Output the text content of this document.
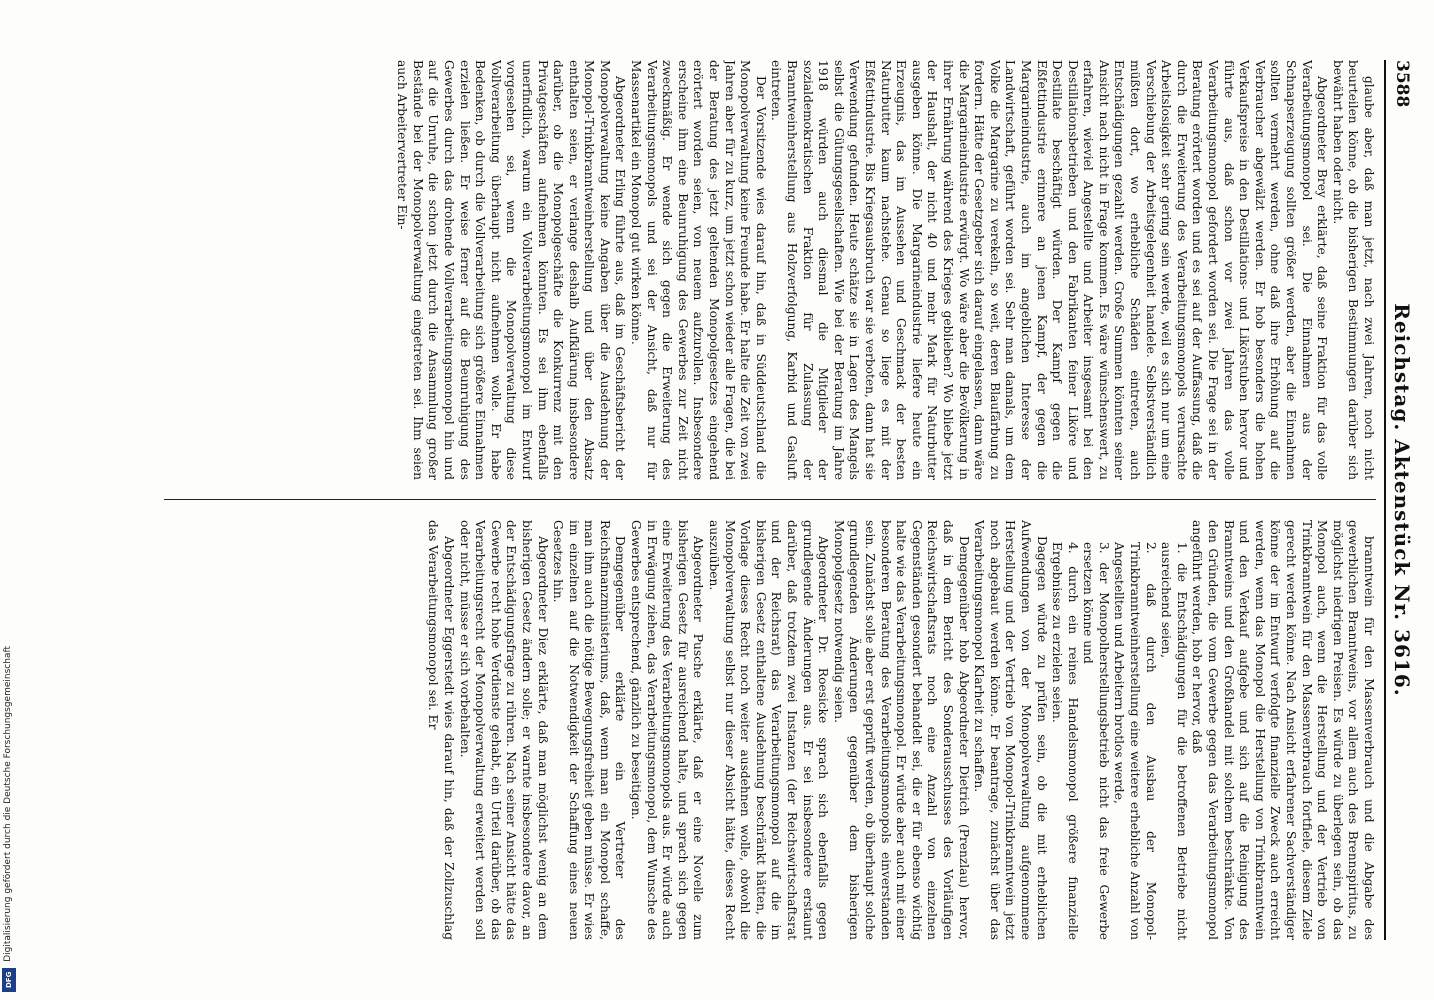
Digitalisierung gefördert durch die Deutsche Forschungsgemeinschaft
DFG
3588
Reichstag. Aktenstück Nr. 3616.

glaube aber, daß man jetzt, nach zwei Jahren, noch nicht beurteilen könne, ob die bisherigen Bestimmungen darüber sich bewährt haben oder nicht.

Abgeordneter Brey erklärte, daß seine Fraktion für das volle Verarbeitungsmonopol sei. Die Einnahmen aus der Schnapserzeugung sollten größer werden, aber die Einnahmen sollten vermehrt werden, ohne daß ihre Erhöhung auf die Verbraucher abgewälzt werden. Er hob besonders die hohen Verkaufspreise in den Destillations- und Likörstuben hervor und führte aus, daß schon vor zwei Jahren das volle Verarbeitungsmonopol gefordert worden sei. Die Frage sei in der Beratung erörtert worden und es sei auf der Auffassung, daß die durch die Erweiterung des Verarbeitungsmonopols verursachte Arbeitslosigkeit sehr gering sein werde, weil es sich nur um eine Verschiebung der Arbeitsgelegenheit handele. Selbstverständlich müßten dort, wo erhebliche Schäden eintreten, auch Entschädigungen gezahlt werden. Große Summen könnten seiner Ansicht nach nicht in Frage kommen. Es wäre wünschenswert, zu erfahren, wieviel Angestellte und Arbeiter insgesamt bei den Destillationsbetrieben und den Fabrikanten feiner Liköre und Destillate beschäftigt würden. Der Kampf gegen die Eßfettindustrie erinnere an jenen Kampf, der gegen die Margarineindustrie, auch im angeblichen Interesse der Landwirtschaft, geführt worden sei. Sehr man damals, um dem Volke die Margarine zu verekeln, so weit, deren Blaufärbung zu fordern. Hätte der Gesetzgeber sich darauf eingelassen, dann wäre die Margarineindustrie erwürgt. Wo wäre aber die Bevölkerung in ihrer Ernährung während des Krieges geblieben? Wo bliebe jetzt der Haushalt, der nicht 40 und mehr Mark für Naturbutter ausgeben könne. Die Margarineindustrie liefere heute ein Erzeugnis, das im Aussehen und Geschmack der besten Naturbutter kaum nachstehe. Genau so liege es mit der Eßfettindustrie. Bis Kriegsausbruch war sie verboten, dann hat sie Verwendung gefunden. Heute schätze sie in Lagen des Mangels selbst die Gütungsgesellschaften. Wie bei der Beratung im Jahre 1918 würden auch diesmal die Mitglieder der sozialdemokratischen Fraktion für Zulassung der Branntweinherstellung aus Holzverfolgung, Karbid und Gasluft eintreten.

Der Vorsitzende wies darauf hin, daß in Süddeutschland die Monopolverwaltung keine Freunde habe. Er halte die Zeit von zwei Jahren aber für zu kurz, um jetzt schon wieder alle Fragen, die bei der Beratung des jetzt geltenden Monopolgesetzes eingehend erörtert worden seien, von neuem aufzurollen. Insbesondere erscheine ihm eine Beunruhigung des Gewerbes zur Zeit nicht zweckmäßig. Er wende sich gegen die Erweiterung des Verarbeitungsmonopols und sei der Ansicht, daß nur für Massenartikel ein Monopol gut wirken könne.

Abgeordneter Erling führte aus, daß im Geschäftsbericht der Monopolverwaltung keine Angaben über die Ausdehnung der Monopol-Trinkbranntweinherstellung und über den Absatz enthalten seien, er verlange deshalb Aufklärung insbesondere darüber, ob die Monopolgeschäfte die Konkurrenz mit den Privatgeschäften aufnehmen könnten. Es sei ihm ebenfalls unerfindlich, warum ein Vollverarbeitungsmonopol im Entwurf vorgesehen sei, wenn die Monopolverwaltung diese Vollverarbeitung überhaupt nicht aufnehmen wolle. Er habe Bedenken, ob durch die Vollverarbeitung sich größere Einnahmen erzielen ließen. Er weise ferner auf die Beunruhigung des Gewerbes durch das drohende Vollverarbeitungsmonopol hin und auf die Unruhe, die schon jetzt durch die Ansammlung großer Bestände bei der Monopolverwaltung eingetreten sei. Ihm seien auch Arbeitervertreter Ein-

branntwein für den Massenverbrauch und die Abgabe des gewerblichen Branntweins, vor allem auch des Brennspiritus, zu möglichst niedrigen Preisen. Es würde zu überlegen sein, ob das Monopol auch, wenn die Herstellung und der Vertrieb von Trinkbranntwein für den Massenverbrauch fortfiele, diesem Ziele gerecht werden könne. Nach Ansicht erfahrener Sachverständiger könne der im Entwurf verfolgte finanzielle Zweck auch erreicht werden, wenn das Monopol die Herstellung von Trinkbranntwein und den Verkauf aufgebe und sich auf die Reinigung des Branntweins und den Großhandel mit solchem beschränkte. Von den Gründen, die vom Gewerbe gegen das Verarbeitungsmonopol angeführt werden, hob er hervor, daß

1. die Entschädigungen für die betroffenen Betriebe nicht ausreichend seien,

2. daß durch den Ausbau der Monopol-Trinkbranntweinherstellung eine weitere erhebliche Anzahl von Angestellten und Arbeitern brotlos werde,

3. der Monopolherstellungsbetrieb nicht das freie Gewerbe ersetzen könne und

4. durch ein reines Handelsmonopol größere finanzielle Ergebnisse zu erzielen seien.

Dagegen würde zu prüfen sein, ob die mit erheblichen Aufwendungen von der Monopolverwaltung aufgenommene Herstellung und der Vertrieb von Monopol-Trinkbranntwein jetzt noch abgebaut werden könne. Er beantrage, zunächst über das Verarbeitungsmonopol Klarheit zu schaffen.

Demgegenüber hob Abgeordneter Dietrich (Prenzlau) hervor, daß in dem Bericht des Sonderausschusses des Vorläufigen Reichswirtschaftsrats noch eine Anzahl von einzelnen Gegenständen gesondert behandelt sei, die er für ebenso wichtig halte wie das Verarbeitungsmonopol. Er würde aber auch mit einer besonderen Beratung des Verarbeitungsmonopols einverstanden sein. Zunächst solle aber erst geprüft werden, ob überhaupt solche grundlegenden Änderungen gegenüber dem bisherigen Monopolgesetz notwendig seien.

Abgeordneter Dr. Roesicke sprach sich ebenfalls gegen grundlegende Änderungen aus. Er sei insbesondere erstaunt darüber, daß trotzdem zwei Instanzen (der Reichswirtschaftsrat und der Reichsrat) das Verarbeitungsmonopol auf die im bisherigen Gesetz enthaltene Ausdehnung beschränkt hätten, die Vorlage dieses Recht noch weiter ausdehnen wolle, obwohl die Monopolverwaltung selbst nur dieser Absicht hätte, dieses Recht auszuüben.

Abgeordneter Pusche erklärte, daß er eine Novelle zum bisherigen Gesetz für ausreichend halte, und sprach sich gegen eine Erweiterung des Verarbeitungsmonopols aus. Er würde auch in Erwägung ziehen, das Verarbeitungsmonopol, dem Wunsche des Gewerbes entsprechend, gänzlich zu beseitigen.

Demgegenüber erklärte ein Vertreter des Reichsfinanzministeriums, daß, wenn man ein Monopol schaffe, man ihm auch die nötige Bewegungsfreiheit geben müsse. Er wies im einzelnen auf die Notwendigkeit der Schaffung eines neuen Gesetzes hin.

Abgeordneter Diez erklärte, daß man möglichst wenig an dem bisherigen Gesetz ändern solle; er warnte insbesondere davor, an der Entschädigungsfrage zu rühren. Nach seiner Ansicht hätte das Gewerbe recht hohe Verdienste gehabt, ein Urteil darüber, ob das Verarbeitungsrecht der Monopolverwaltung erweitert werden soll oder nicht, müsse er sich vorbehalten.

Abgeordneter Eggerstedt wies darauf hin, daß der Zollzuschlag das Verarbeitungsmonopol sei. Er
